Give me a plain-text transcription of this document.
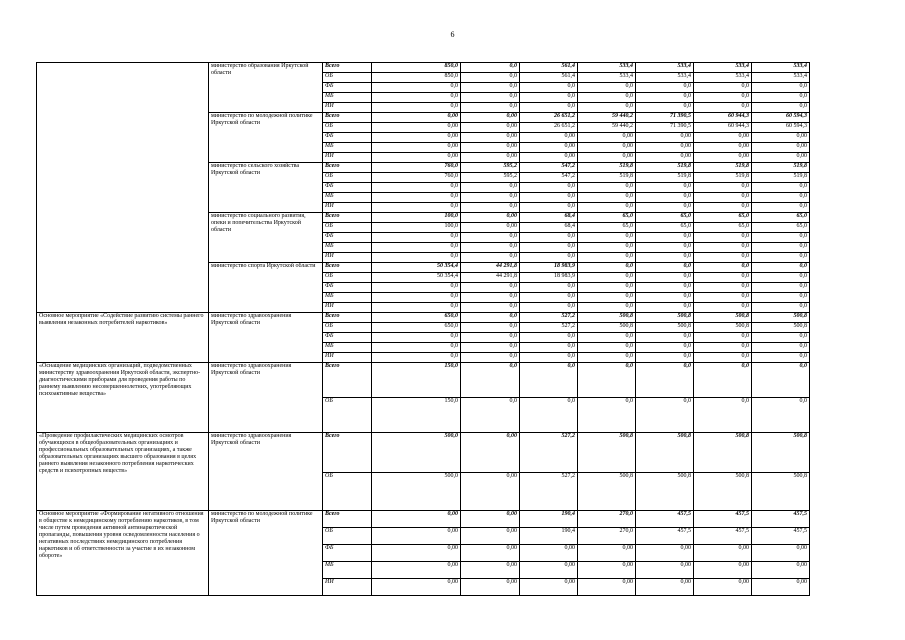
6
	министерство образования Иркутской области	Всего	850,0	0,0	561,4	533,4	533,4	533,4	533,4
		ОБ	850,0	0,0	561,4	533,4	533,4	533,4	533,4
		ФБ	0,0	0,0	0,0	0,0	0,0	0,0	0,0
		МБ	0,0	0,0	0,0	0,0	0,0	0,0	0,0
		ИИ	0,0	0,0	0,0	0,0	0,0	0,0	0,0
	министерство по молодежной политике Иркутской области	Всего	0,00	0,00	26 651,2	59 440,2	71 390,5	60 944,3	60 594,3
		ОБ	0,00	0,00	26 651,2	59 440,2	71 390,5	60 944,3	60 594,3
		ФБ	0,00	0,00	0,00	0,00	0,00	0,00	0,00
		МБ	0,00	0,00	0,00	0,00	0,00	0,00	0,00
		ИИ	0,00	0,00	0,00	0,00	0,00	0,00	0,00
	министерство сельского хозяйства Иркутской области	Всего	760,0	595,2	547,2	519,8	519,8	519,8	519,8
		ОБ	760,0	595,2	547,2	519,8	519,8	519,8	519,8
		ФБ	0,0	0,0	0,0	0,0	0,0	0,0	0,0
		МБ	0,0	0,0	0,0	0,0	0,0	0,0	0,0
		ИИ	0,0	0,0	0,0	0,0	0,0	0,0	0,0
	министерство социального развития, опеки и попечительства Иркутской области	Всего	100,0	0,00	68,4	65,0	65,0	65,0	65,0
		ОБ	100,0	0,00	68,4	65,0	65,0	65,0	65,0
		ФБ	0,0	0,0	0,0	0,0	0,0	0,0	0,0
		МБ	0,0	0,0	0,0	0,0	0,0	0,0	0,0
		ИИ	0,0	0,0	0,0	0,0	0,0	0,0	0,0
	министерство спорта Иркутской области	Всего	50 354,4	44 291,8	18 983,9	0,0	0,0	0,0	0,0
		ОБ	50 354,4	44 291,8	18 983,9	0,0	0,0	0,0	0,0
		ФБ	0,0	0,0	0,0	0,0	0,0	0,0	0,0
		МБ	0,0	0,0	0,0	0,0	0,0	0,0	0,0
		ИИ	0,0	0,0	0,0	0,0	0,0	0,0	0,0
Основное мероприятие «Содействие развитию системы раннего выявления незаконных потребителей наркотиков»	министерство здравоохранения Иркутской области	Всего	650,0	0,0	527,2	500,8	500,8	500,8	500,8
		ОБ	650,0	0,0	527,2	500,8	500,8	500,8	500,8
		ФБ	0,0	0,0	0,0	0,0	0,0	0,0	0,0
		МБ	0,0	0,0	0,0	0,0	0,0	0,0	0,0
		ИИ	0,0	0,0	0,0	0,0	0,0	0,0	0,0
«Оснащение медицинских организаций, подведомственных министерству здравоохранения Иркутской области, экспертно-диагностическими приборами для проведения работы по раннему выявлению несовершеннолетних, употребляющих психоактивные вещества»	министерство здравоохранения Иркутской области	Всего	150,0	0,0	0,0	0,0	0,0	0,0	0,0
		ОБ	150,0	0,0	0,0	0,0	0,0	0,0	0,0
«Проведение профилактических медицинских осмотров обучающихся в общеобразовательных организациях и профессиональных образовательных организациях, а также образовательных организациях высшего образования в целях раннего выявления незаконного потребления наркотических средств и психотропных веществ»	министерство здравоохранения Иркутской области	Всего	500,0	0,00	527,2	500,8	500,8	500,8	500,8
		ОБ	500,0	0,00	527,2	500,8	500,8	500,8	500,8
Основное мероприятие «Формирование негативного отношения в обществе к немедицинскому потреблению наркотиков, в том числе путем проведения активной антинаркотической пропаганды, повышения уровня осведомленности населения о негативных последствиях немедицинского потребления наркотиков и об ответственности за участие в их незаконном обороте»	министерство по молодежной политике Иркутской области	Всего	0,00	0,00	190,4	270,0	457,5	457,5	457,5
		ОБ	0,00	0,00	190,4	270,0	457,5	457,5	457,5
		ФБ	0,00	0,00	0,00	0,00	0,00	0,00	0,00
		МБ	0,00	0,00	0,00	0,00	0,00	0,00	0,00
		ИИ	0,00	0,00	0,00	0,00	0,00	0,00	0,00
